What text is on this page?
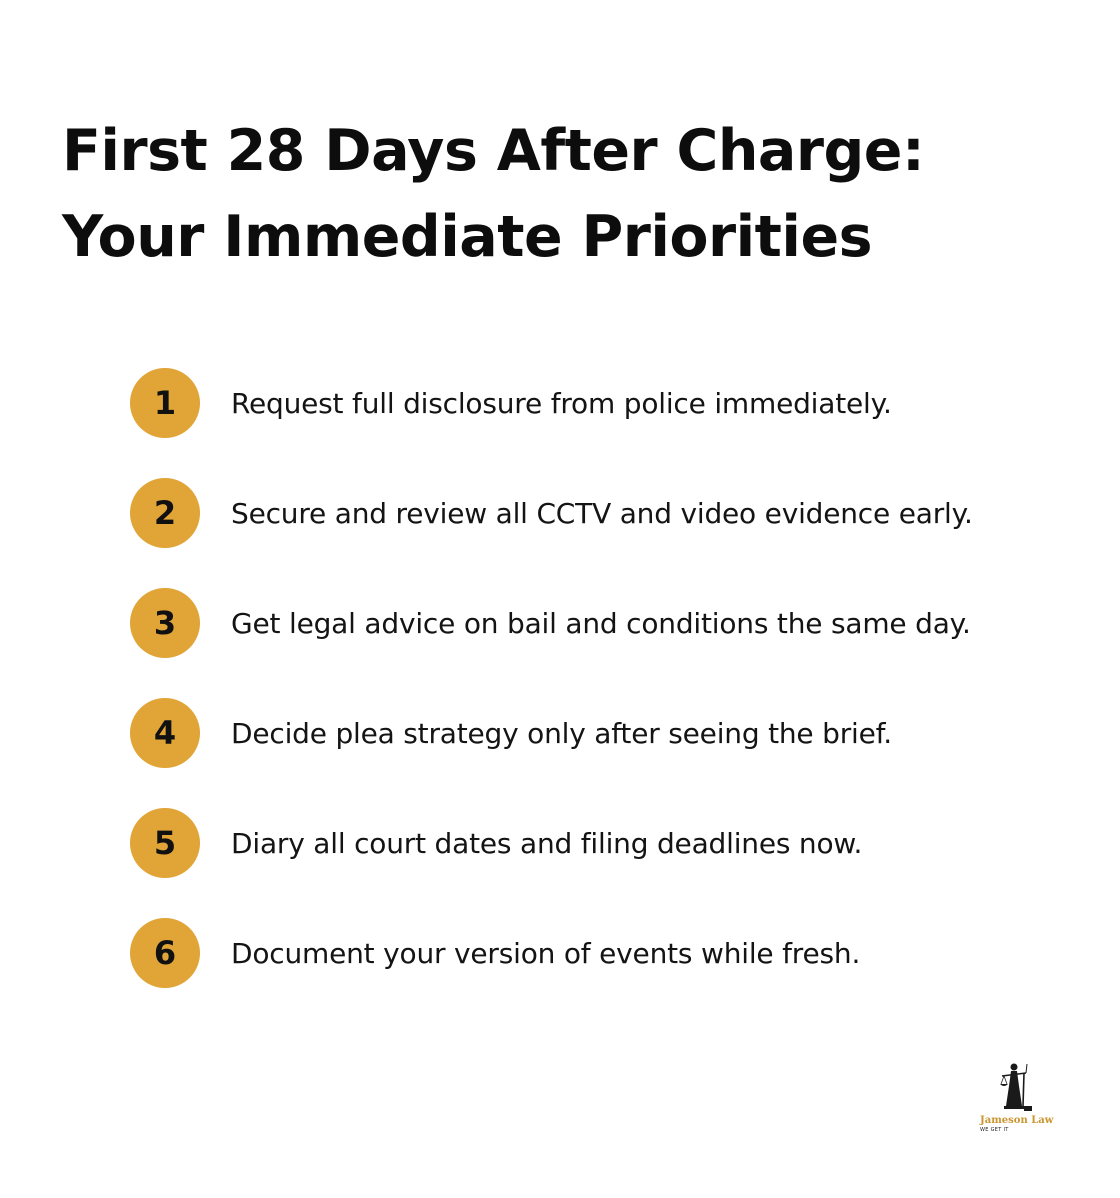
First 28 Days After Charge:
Your Immediate Priorities
1	Request full disclosure from police immediately.
2	Secure and review all CCTV and video evidence early.
3	Get legal advice on bail and conditions the same day.
4	Decide plea strategy only after seeing the brief.
5	Diary all court dates and filing deadlines now.
6	Document your version of events while fresh.
Jameson Law
WE GET IT
